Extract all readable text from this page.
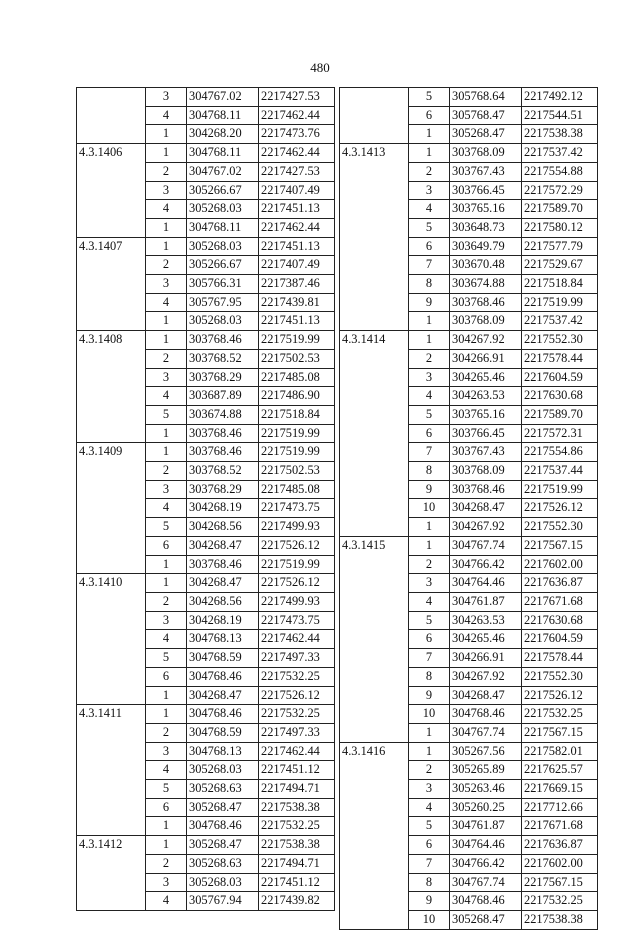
480
	3	304767.02	2217427.53
	4	304768.11	2217462.44
	1	304268.20	2217473.76
4.3.1406	1	304768.11	2217462.44
	2	304767.02	2217427.53
	3	305266.67	2217407.49
	4	305268.03	2217451.13
	1	304768.11	2217462.44
4.3.1407	1	305268.03	2217451.13
	2	305266.67	2217407.49
	3	305766.31	2217387.46
	4	305767.95	2217439.81
	1	305268.03	2217451.13
4.3.1408	1	303768.46	2217519.99
	2	303768.52	2217502.53
	3	303768.29	2217485.08
	4	303687.89	2217486.90
	5	303674.88	2217518.84
	1	303768.46	2217519.99
4.3.1409	1	303768.46	2217519.99
	2	303768.52	2217502.53
	3	303768.29	2217485.08
	4	304268.19	2217473.75
	5	304268.56	2217499.93
	6	304268.47	2217526.12
	1	303768.46	2217519.99
4.3.1410	1	304268.47	2217526.12
	2	304268.56	2217499.93
	3	304268.19	2217473.75
	4	304768.13	2217462.44
	5	304768.59	2217497.33
	6	304768.46	2217532.25
	1	304268.47	2217526.12
4.3.1411	1	304768.46	2217532.25
	2	304768.59	2217497.33
	3	304768.13	2217462.44
	4	305268.03	2217451.12
	5	305268.63	2217494.71
	6	305268.47	2217538.38
	1	304768.46	2217532.25
4.3.1412	1	305268.47	2217538.38
	2	305268.63	2217494.71
	3	305268.03	2217451.12
	4	305767.94	2217439.82
	5	305768.64	2217492.12
	6	305768.47	2217544.51
	1	305268.47	2217538.38
4.3.1413	1	303768.09	2217537.42
	2	303767.43	2217554.88
	3	303766.45	2217572.29
	4	303765.16	2217589.70
	5	303648.73	2217580.12
	6	303649.79	2217577.79
	7	303670.48	2217529.67
	8	303674.88	2217518.84
	9	303768.46	2217519.99
	1	303768.09	2217537.42
4.3.1414	1	304267.92	2217552.30
	2	304266.91	2217578.44
	3	304265.46	2217604.59
	4	304263.53	2217630.68
	5	303765.16	2217589.70
	6	303766.45	2217572.31
	7	303767.43	2217554.86
	8	303768.09	2217537.44
	9	303768.46	2217519.99
	10	304268.47	2217526.12
	1	304267.92	2217552.30
4.3.1415	1	304767.74	2217567.15
	2	304766.42	2217602.00
	3	304764.46	2217636.87
	4	304761.87	2217671.68
	5	304263.53	2217630.68
	6	304265.46	2217604.59
	7	304266.91	2217578.44
	8	304267.92	2217552.30
	9	304268.47	2217526.12
	10	304768.46	2217532.25
	1	304767.74	2217567.15
4.3.1416	1	305267.56	2217582.01
	2	305265.89	2217625.57
	3	305263.46	2217669.15
	4	305260.25	2217712.66
	5	304761.87	2217671.68
	6	304764.46	2217636.87
	7	304766.42	2217602.00
	8	304767.74	2217567.15
	9	304768.46	2217532.25
	10	305268.47	2217538.38
